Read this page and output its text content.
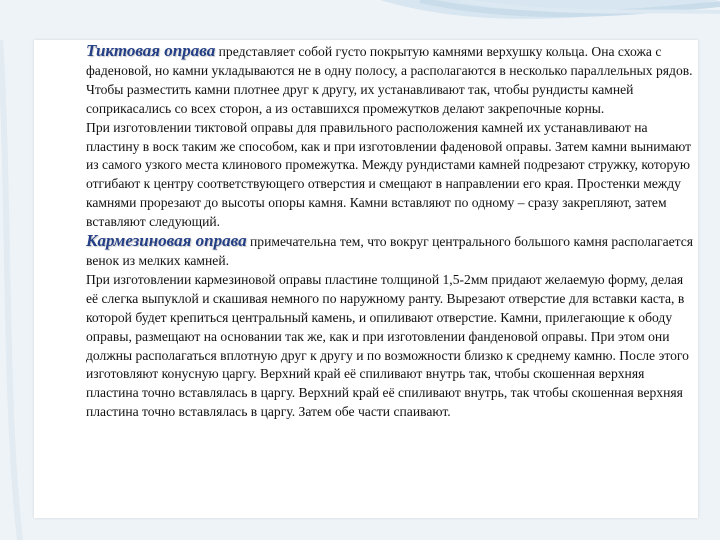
Тиктовая оправа представляет собой густо покрытую камнями верхушку кольца. Она схожа с фаденовой, но камни укладываются не в одну полосу, а располагаются в несколько параллельных рядов. Чтобы разместить камни плотнее друг к другу, их устанавливают так, чтобы рундисты камней соприкасались со всех сторон, а из оставшихся промежутков делают закрепочные корны.

При изготовлении тиктовой оправы для правильного расположения камней их устанавливают на пластину в воск таким же способом, как и при изготовлении фаденовой оправы. Затем камни вынимают из самого узкого места клинового промежутка. Между рундистами камней подрезают стружку, которую отгибают к центру соответствующего отверстия и смещают в направлении его края. Простенки между камнями прорезают до высоты опоры камня. Камни вставляют по одному – сразу закрепляют, затем вставляют следующий.

Кармезиновая оправа примечательна тем, что вокруг центрального большого камня располагается венок из мелких камней.

При изготовлении кармезиновой оправы пластине толщиной 1,5-2мм придают желаемую форму, делая её слегка выпуклой и скашивая немного по наружному ранту. Вырезают отверстие для вставки каста, в которой будет крепиться центральный камень, и опиливают отверстие. Камни, прилегающие к ободу оправы, размещают на основании так же, как и при изготовлении фанденовой оправы. При этом они должны располагаться вплотную друг к другу и по возможности близко к среднему камню. После этого изготовляют конусную царгу. Верхний край её спиливают внутрь так, чтобы скошенная верхняя пластина точно вставлялась в царгу. Верхний край её спиливают внутрь, так чтобы скошенная верхняя пластина точно вставлялась в царгу. Затем обе части спаивают.
